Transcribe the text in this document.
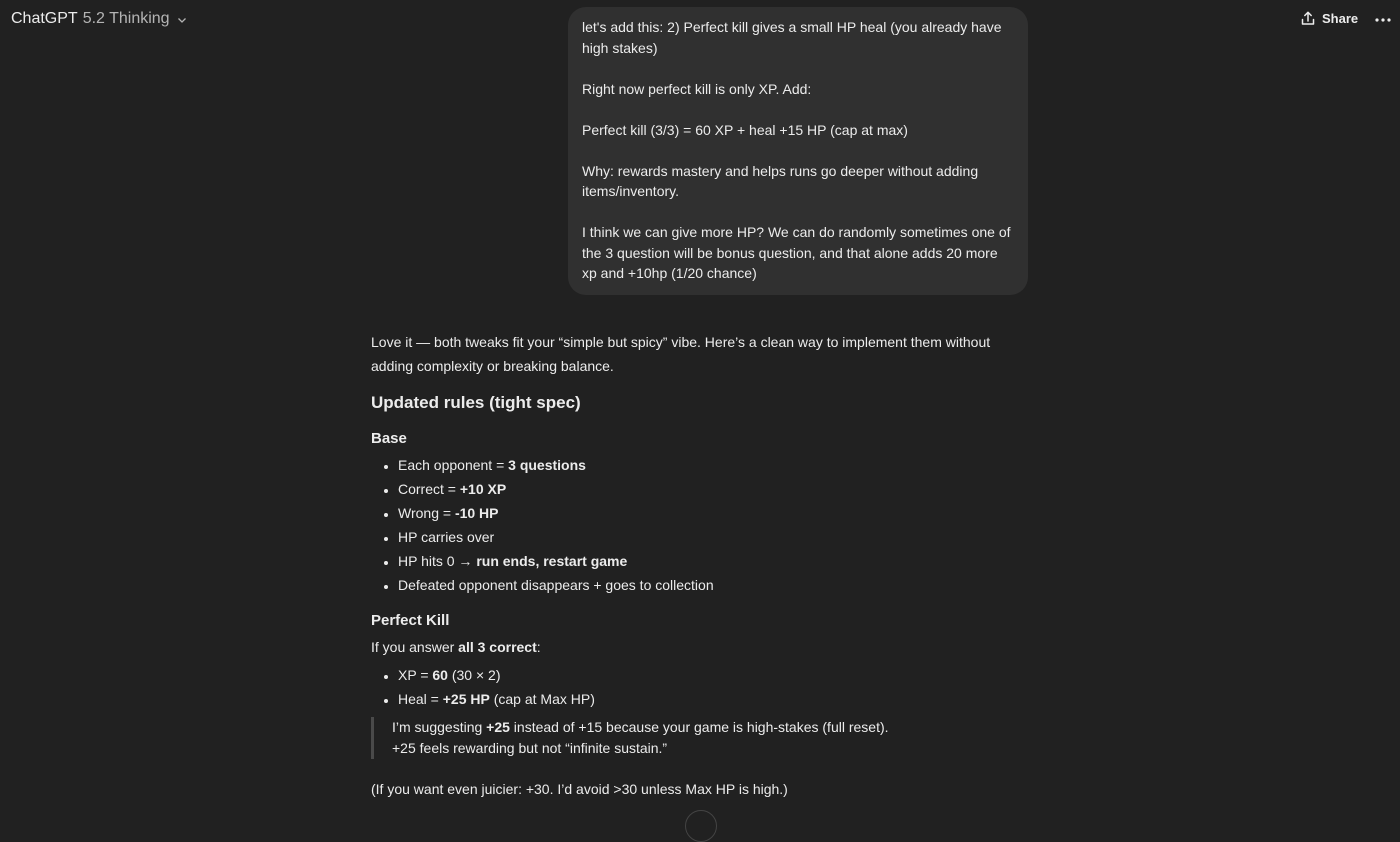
ChatGPT 5.2 Thinking	Share

let's add this: 2) Perfect kill gives a small HP heal (you already have high stakes)

Right now perfect kill is only XP. Add:

Perfect kill (3/3) = 60 XP + heal +15 HP (cap at max)

Why: rewards mastery and helps runs go deeper without adding items/inventory.

I think we can give more HP? We can do randomly sometimes one of the 3 question will be bonus question, and that alone adds 20 more xp and +10hp (1/20 chance)

Love it — both tweaks fit your “simple but spicy” vibe. Here’s a clean way to implement them without adding complexity or breaking balance.

Updated rules (tight spec)
Base
• Each opponent = 3 questions
• Correct = +10 XP
• Wrong = -10 HP
• HP carries over
• HP hits 0 → run ends, restart game
• Defeated opponent disappears + goes to collection
Perfect Kill

If you answer all 3 correct:

• XP = 60 (30 × 2)
• Heal = +25 HP (cap at Max HP)

I’m suggesting +25 instead of +15 because your game is high-stakes (full reset).

+25 feels rewarding but not “infinite sustain.”

(If you want even juicier: +30. I’d avoid >30 unless Max HP is high.)
